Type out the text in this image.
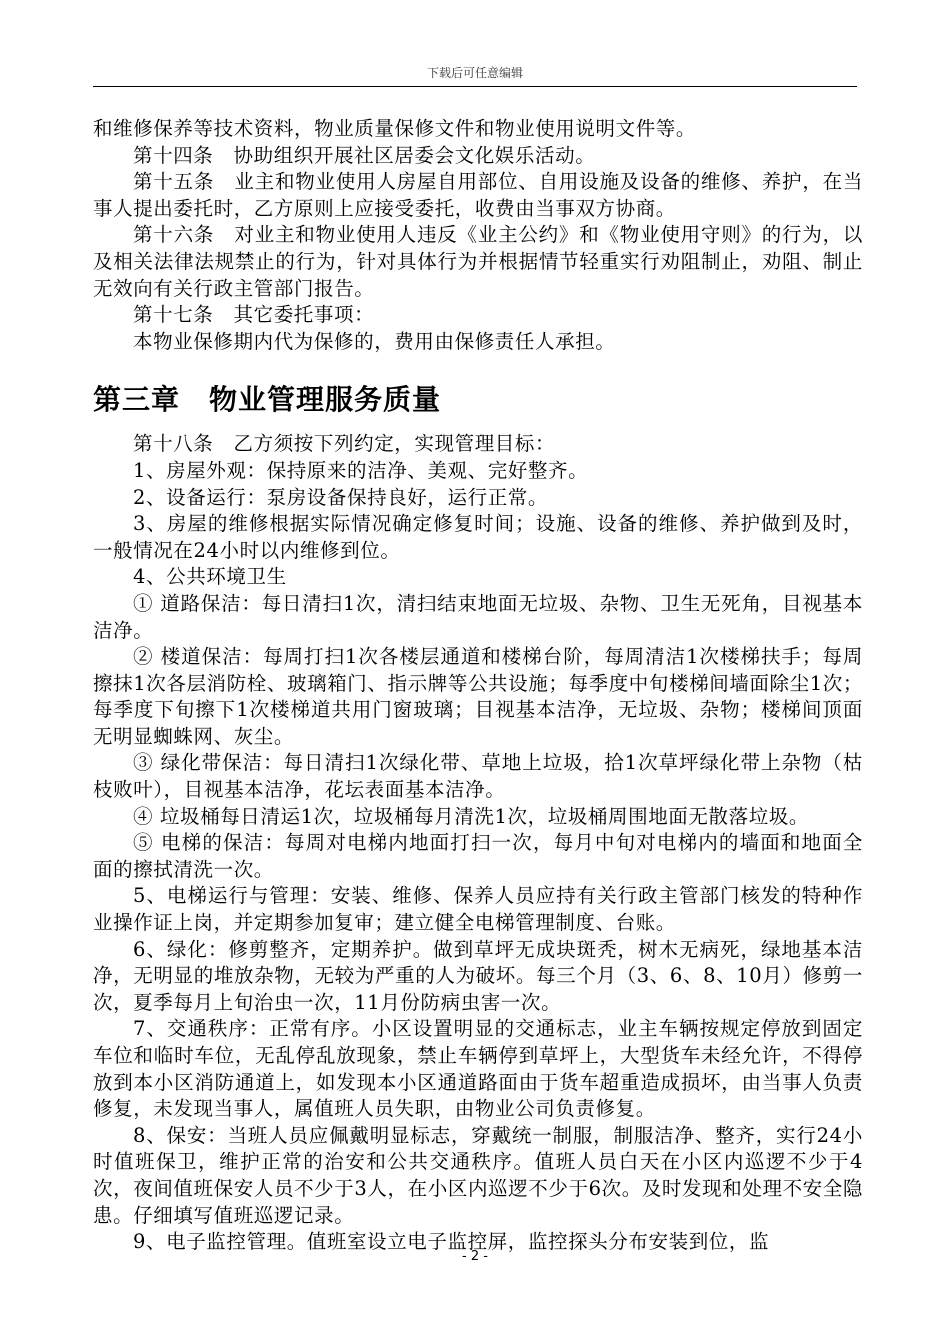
下载后可任意编辑

和维修保养等技术资料，物业质量保修文件和物业使用说明文件等。

第十四条　协助组织开展社区居委会文化娱乐活动。

第十五条　业主和物业使用人房屋自用部位、自用设施及设备的维修、养护，在当事人提出委托时，乙方原则上应接受委托，收费由当事双方协商。

第十六条　对业主和物业使用人违反《业主公约》和《物业使用守则》的行为，以及相关法律法规禁止的行为，针对具体行为并根据情节轻重实行劝阻制止，劝阻、制止无效向有关行政主管部门报告。

第十七条　其它委托事项：

本物业保修期内代为保修的，费用由保修责任人承担。

第三章　物业管理服务质量

第十八条　乙方须按下列约定，实现管理目标：

1、房屋外观：保持原来的洁净、美观、完好整齐。

2、设备运行：泵房设备保持良好，运行正常。

3、房屋的维修根据实际情况确定修复时间；设施、设备的维修、养护做到及时，一般情况在24小时以内维修到位。

4、公共环境卫生

① 道路保洁：每日清扫1次，清扫结束地面无垃圾、杂物、卫生无死角，目视基本洁净。

② 楼道保洁：每周打扫1次各楼层通道和楼梯台阶，每周清洁1次楼梯扶手；每周擦抹1次各层消防栓、玻璃箱门、指示牌等公共设施；每季度中旬楼梯间墙面除尘1次；每季度下旬擦下1次楼梯道共用门窗玻璃；目视基本洁净，无垃圾、杂物；楼梯间顶面无明显蜘蛛网、灰尘。

③ 绿化带保洁：每日清扫1次绿化带、草地上垃圾，拾1次草坪绿化带上杂物（枯枝败叶），目视基本洁净，花坛表面基本洁净。

④ 垃圾桶每日清运1次，垃圾桶每月清洗1次，垃圾桶周围地面无散落垃圾。

⑤ 电梯的保洁：每周对电梯内地面打扫一次，每月中旬对电梯内的墙面和地面全面的擦拭清洗一次。

5、电梯运行与管理：安装、维修、保养人员应持有关行政主管部门核发的特种作业操作证上岗，并定期参加复审；建立健全电梯管理制度、台账。

6、绿化：修剪整齐，定期养护。做到草坪无成块斑秃，树木无病死，绿地基本洁净，无明显的堆放杂物，无较为严重的人为破坏。每三个月（3、6、8、10月）修剪一次，夏季每月上旬治虫一次，11月份防病虫害一次。

7、交通秩序：正常有序。小区设置明显的交通标志，业主车辆按规定停放到固定车位和临时车位，无乱停乱放现象，禁止车辆停到草坪上，大型货车未经允许，不得停放到本小区消防通道上，如发现本小区通道路面由于货车超重造成损坏，由当事人负责修复，未发现当事人，属值班人员失职，由物业公司负责修复。

8、保安：当班人员应佩戴明显标志，穿戴统一制服，制服洁净、整齐，实行24小时值班保卫，维护正常的治安和公共交通秩序。值班人员白天在小区内巡逻不少于4次，夜间值班保安人员不少于3人，在小区内巡逻不少于6次。及时发现和处理不安全隐患。仔细填写值班巡逻记录。

9、电子监控管理。值班室设立电子监控屏，监控探头分布安装到位，监

- 2 -
